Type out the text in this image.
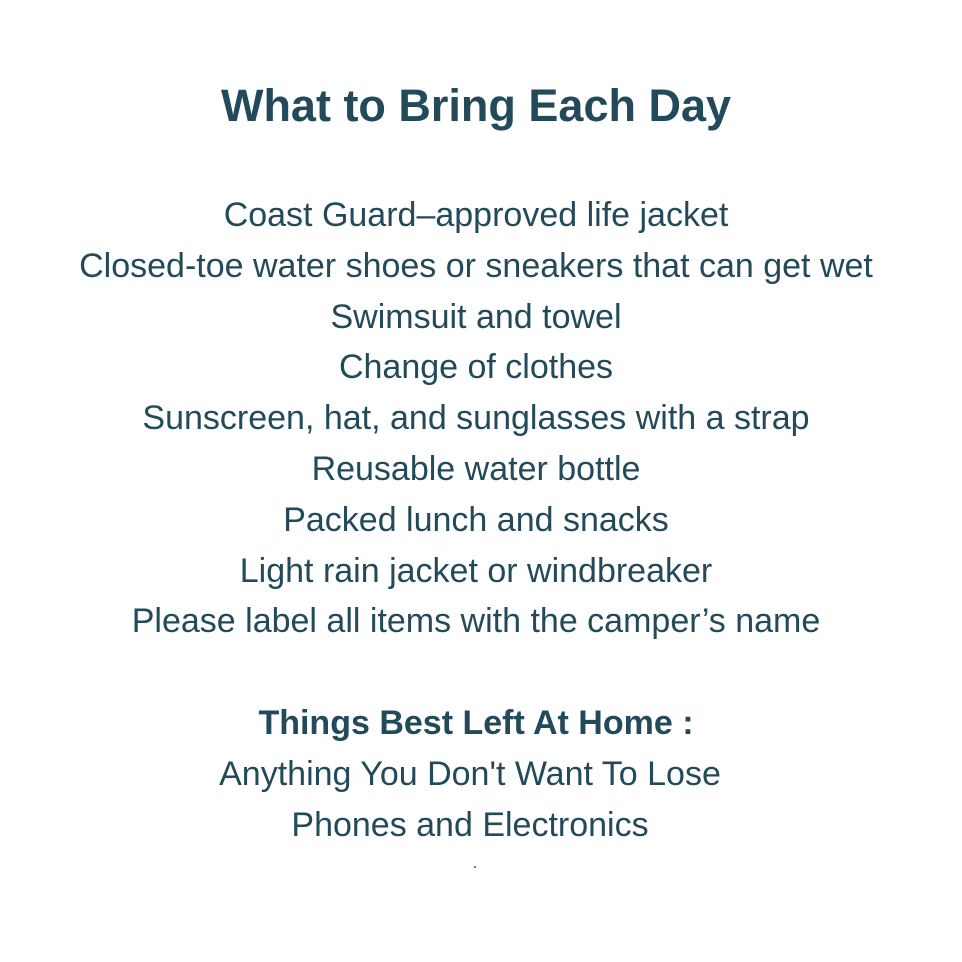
What to Bring Each Day
Coast Guard–approved life jacket
Closed-toe water shoes or sneakers that can get wet
Swimsuit and towel
Change of clothes
Sunscreen, hat, and sunglasses with a strap
Reusable water bottle
Packed lunch and snacks
Light rain jacket or windbreaker
Please label all items with the camper’s name
Things Best Left At Home :
Anything You Don't Want To Lose
Phones and Electronics
